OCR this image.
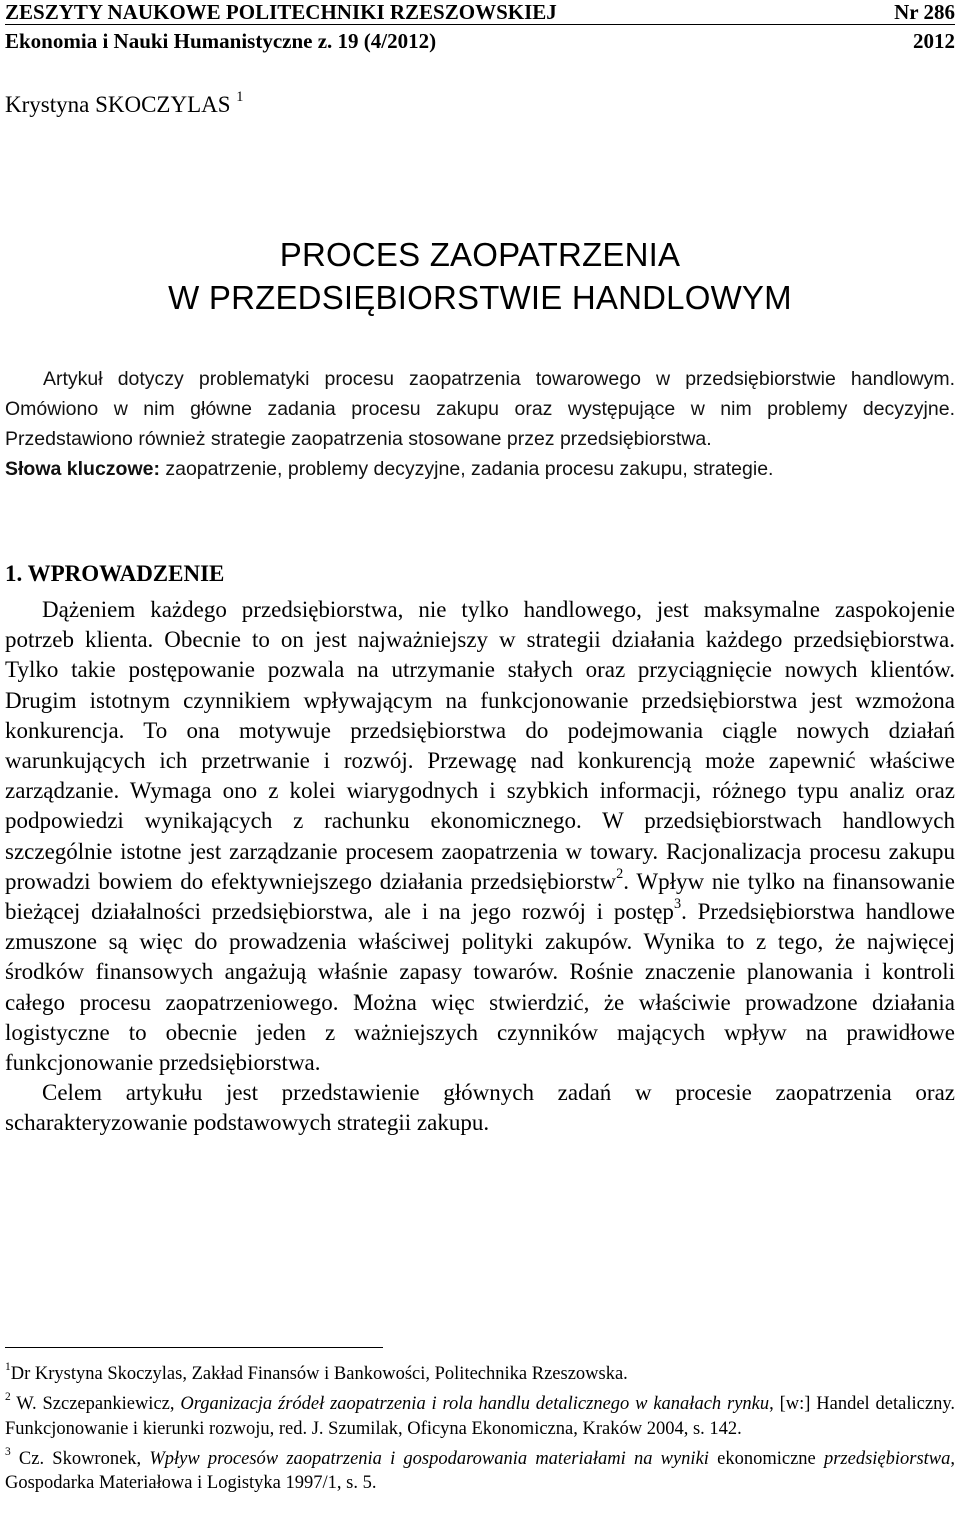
ZESZYTY NAUKOWE POLITECHNIKI RZESZOWSKIEJ	Nr 286
Ekonomia i Nauki Humanistyczne z. 19 (4/2012)	2012
Krystyna SKOCZYLAS $^1$
PROCES ZAOPATRZENIA
W PRZEDSIĘBIORSTWIE HANDLOWYM

Artykuł dotyczy problematyki procesu zaopatrzenia towarowego w przedsiębiorstwie handlowym. Omówiono w nim główne zadania procesu zakupu oraz występujące w nim problemy decyzyjne. Przedstawiono również strategie zaopatrzenia stosowane przez przedsiębiorstwa.

Słowa kluczowe: zaopatrzenie, problemy decyzyjne, zadania procesu zakupu, strategie.

1. WPROWADZENIE

Dążeniem każdego przedsiębiorstwa, nie tylko handlowego, jest maksymalne zaspokojenie potrzeb klienta. Obecnie to on jest najważniejszy w strategii działania każdego przedsiębiorstwa. Tylko takie postępowanie pozwala na utrzymanie stałych oraz przyciągnięcie nowych klientów. Drugim istotnym czynnikiem wpływającym na funkcjonowanie przedsiębiorstwa jest wzmożona konkurencja. To ona motywuje przedsiębiorstwa do podejmowania ciągle nowych działań warunkujących ich przetrwanie i rozwój. Przewagę nad konkurencją może zapewnić właściwe zarządzanie. Wymaga ono z kolei wiarygodnych i szybkich informacji, różnego typu analiz oraz podpowiedzi wynikających z rachunku ekonomicznego. W przedsiębiorstwach handlowych szczególnie istotne jest zarządzanie procesem zaopatrzenia w towary. Racjonalizacja procesu zakupu prowadzi bowiem do efektywniejszego działania przedsiębiorstw$^2$. Wpływ nie tylko na finansowanie bieżącej działalności przedsiębiorstwa, ale i na jego rozwój i postęp$^3$. Przedsiębiorstwa handlowe zmuszone są więc do prowadzenia właściwej polityki zakupów. Wynika to z tego, że najwięcej środków finansowych angażują właśnie zapasy towarów. Rośnie znaczenie planowania i kontroli całego procesu zaopatrzeniowego. Można więc stwierdzić, że właściwie prowadzone działania logistyczne to obecnie jeden z ważniejszych czynników mających wpływ na prawidłowe funkcjonowanie przedsiębiorstwa.

Celem artykułu jest przedstawienie głównych zadań w procesie zaopatrzenia oraz scharakteryzowanie podstawowych strategii zakupu.

$^1$Dr Krystyna Skoczylas, Zakład Finansów i Bankowości, Politechnika Rzeszowska.

$^2$ W. Szczepankiewicz, Organizacja źródeł zaopatrzenia i rola handlu detalicznego w kanałach rynku, [w:] Handel detaliczny. Funkcjonowanie i kierunki rozwoju, red. J. Szumilak, Oficyna Ekonomiczna, Kraków 2004, s. 142.

$^3$ Cz. Skowronek, Wpływ procesów zaopatrzenia i gospodarowania materiałami na wyniki ekonomiczne przedsiębiorstwa, Gospodarka Materiałowa i Logistyka 1997/1, s. 5.
